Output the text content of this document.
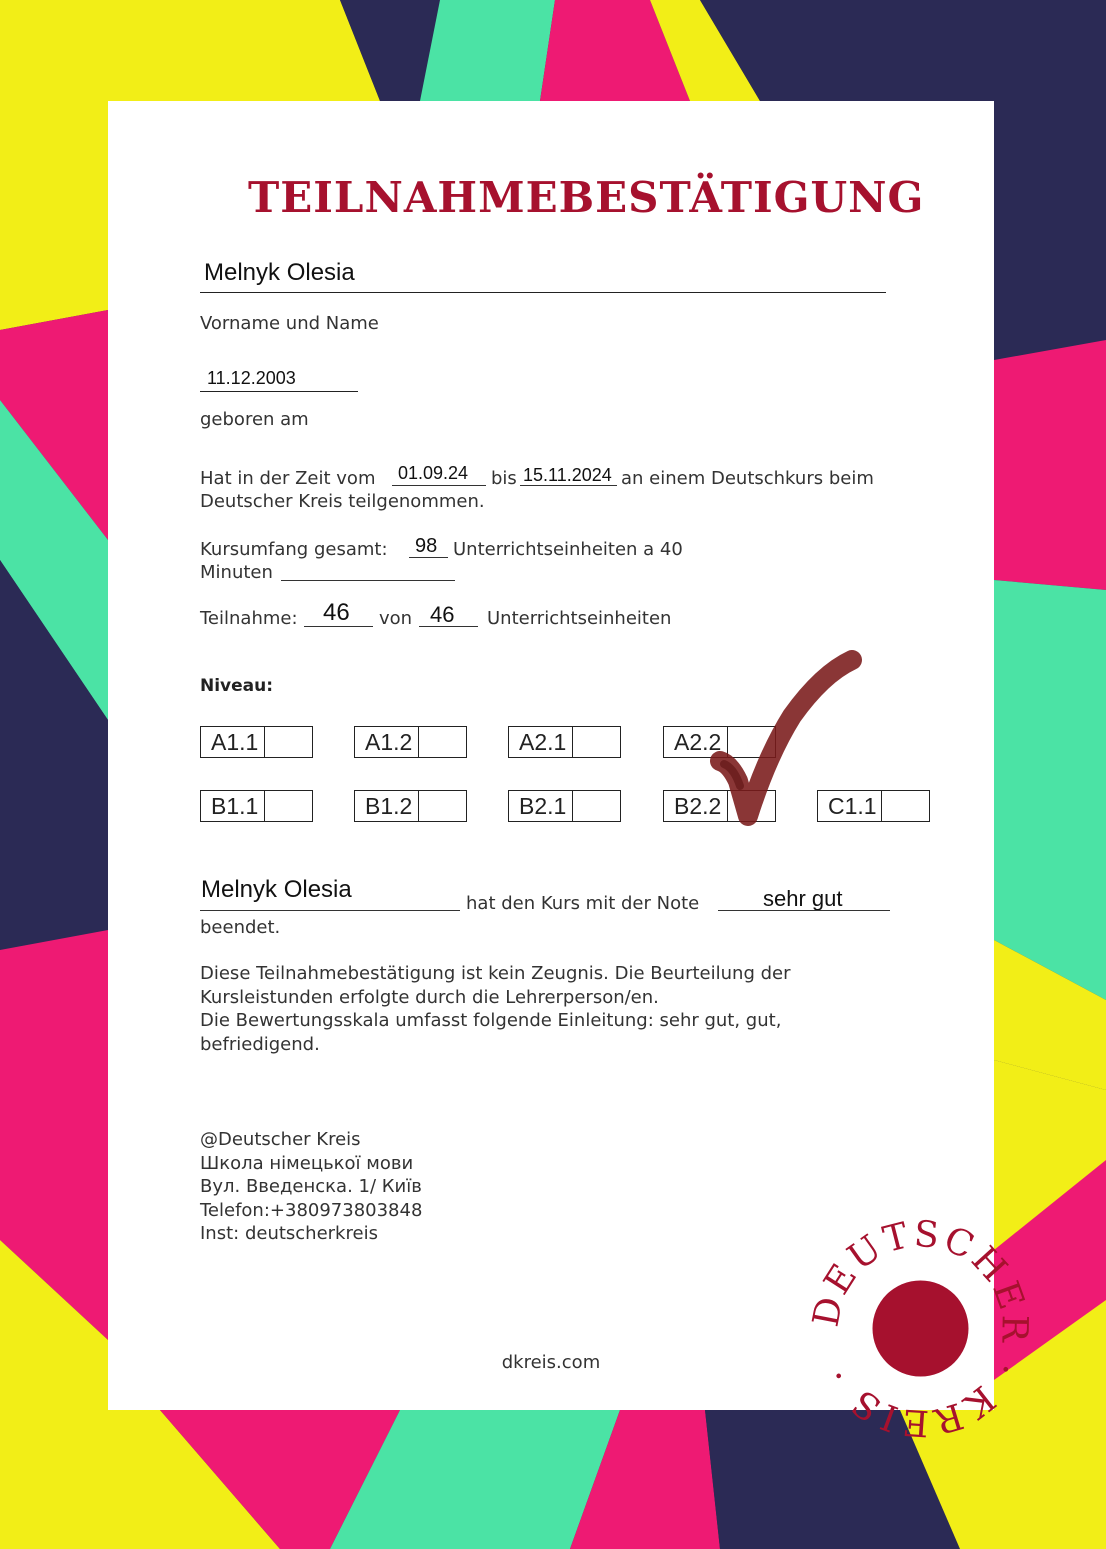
TEILNAHMEBESTÄTIGUNG
Melnyk Olesia
Vorname und Name
11.12.2003
geboren am
Hat in der Zeit vom 01.09.24 bis 15.11.2024 an einem Deutschkurs beim
Deutscher Kreis teilgenommen.
Kursumfang gesamt: 98 Unterrichtseinheiten a 40
Minuten
Teilnahme: 46 von 46 Unterrichtseinheiten
Niveau:
A1.1	A1.2	A2.1	A2.2
B1.1	B1.2	B2.1	B2.2	C1.1
Melnyk Olesia
hat den Kurs mit der Note	sehr gut
beendet.
Diese Teilnahmebestätigung ist kein Zeugnis. Die Beurteilung der
Kursleistunden erfolgte durch die Lehrerperson/en.
Die Bewertungsskala umfasst folgende Einleitung: sehr gut, gut,
befriedigend.
@Deutscher Kreis
Школа німецької мови
Вул. Введенска. 1/ Київ
Telefon:+380973803848
Inst: deutscherkreis
DEUTSCHER · KREIS ·
dkreis.com
